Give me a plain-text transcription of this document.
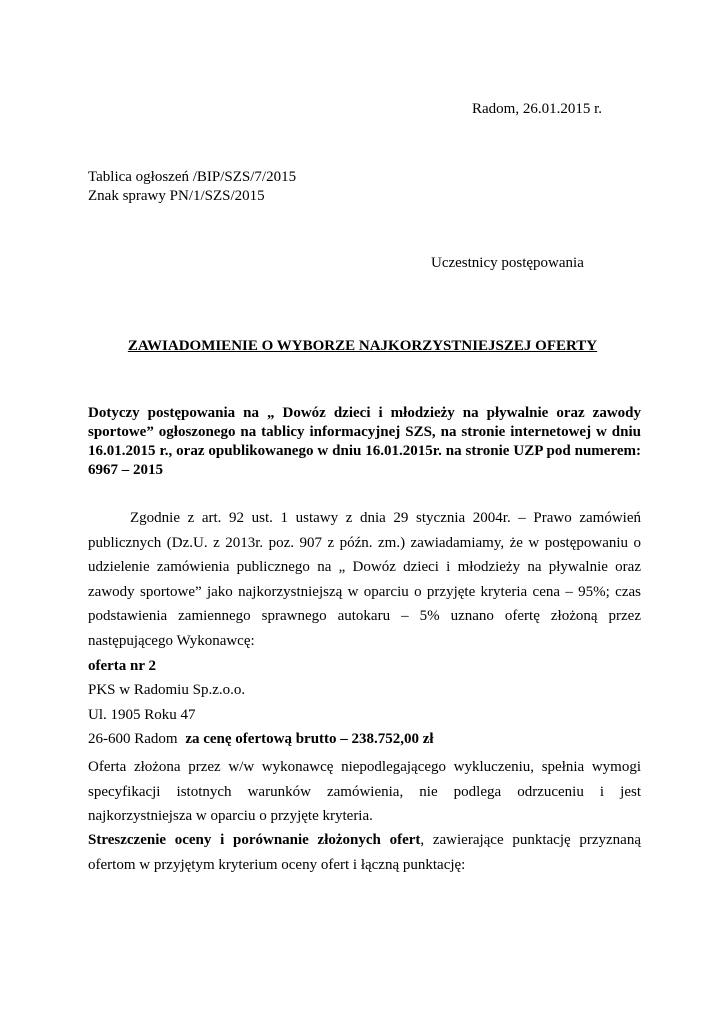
Radom, 26.01.2015 r.
Tablica ogłoszeń /BIP/SZS/7/2015
Znak sprawy PN/1/SZS/2015
Uczestnicy postępowania
ZAWIADOMIENIE O WYBORZE NAJKORZYSTNIEJSZEJ OFERTY
Dotyczy postępowania na „ Dowóz dzieci i młodzieży na pływalnie oraz zawody sportowe” ogłoszonego na tablicy informacyjnej SZS, na stronie internetowej w dniu 16.01.2015 r., oraz opublikowanego w dniu 16.01.2015r. na stronie UZP pod numerem: 6967 – 2015

Zgodnie z art. 92 ust. 1 ustawy z dnia 29 stycznia 2004r. – Prawo zamówień publicznych (Dz.U. z 2013r. poz. 907 z późn. zm.) zawiadamiamy, że w postępowaniu o udzielenie zamówienia publicznego na „ Dowóz dzieci i młodzieży na pływalnie oraz zawody sportowe” jako najkorzystniejszą w oparciu o przyjęte kryteria cena – 95%; czas podstawienia zamiennego sprawnego autokaru – 5% uznano ofertę złożoną przez następującego Wykonawcę:

oferta nr 2
PKS w Radomiu Sp.z.o.o.
Ul. 1905 Roku 47
26-600 Radom za cenę ofertową brutto – 238.752,00 zł

Oferta złożona przez w/w wykonawcę niepodlegającego wykluczeniu, spełnia wymogi specyfikacji istotnych warunków zamówienia, nie podlega odrzuceniu i jest najkorzystniejsza w oparciu o przyjęte kryteria.

Streszczenie oceny i porównanie złożonych ofert, zawierające punktację przyznaną ofertom w przyjętym kryterium oceny ofert i łączną punktację:
